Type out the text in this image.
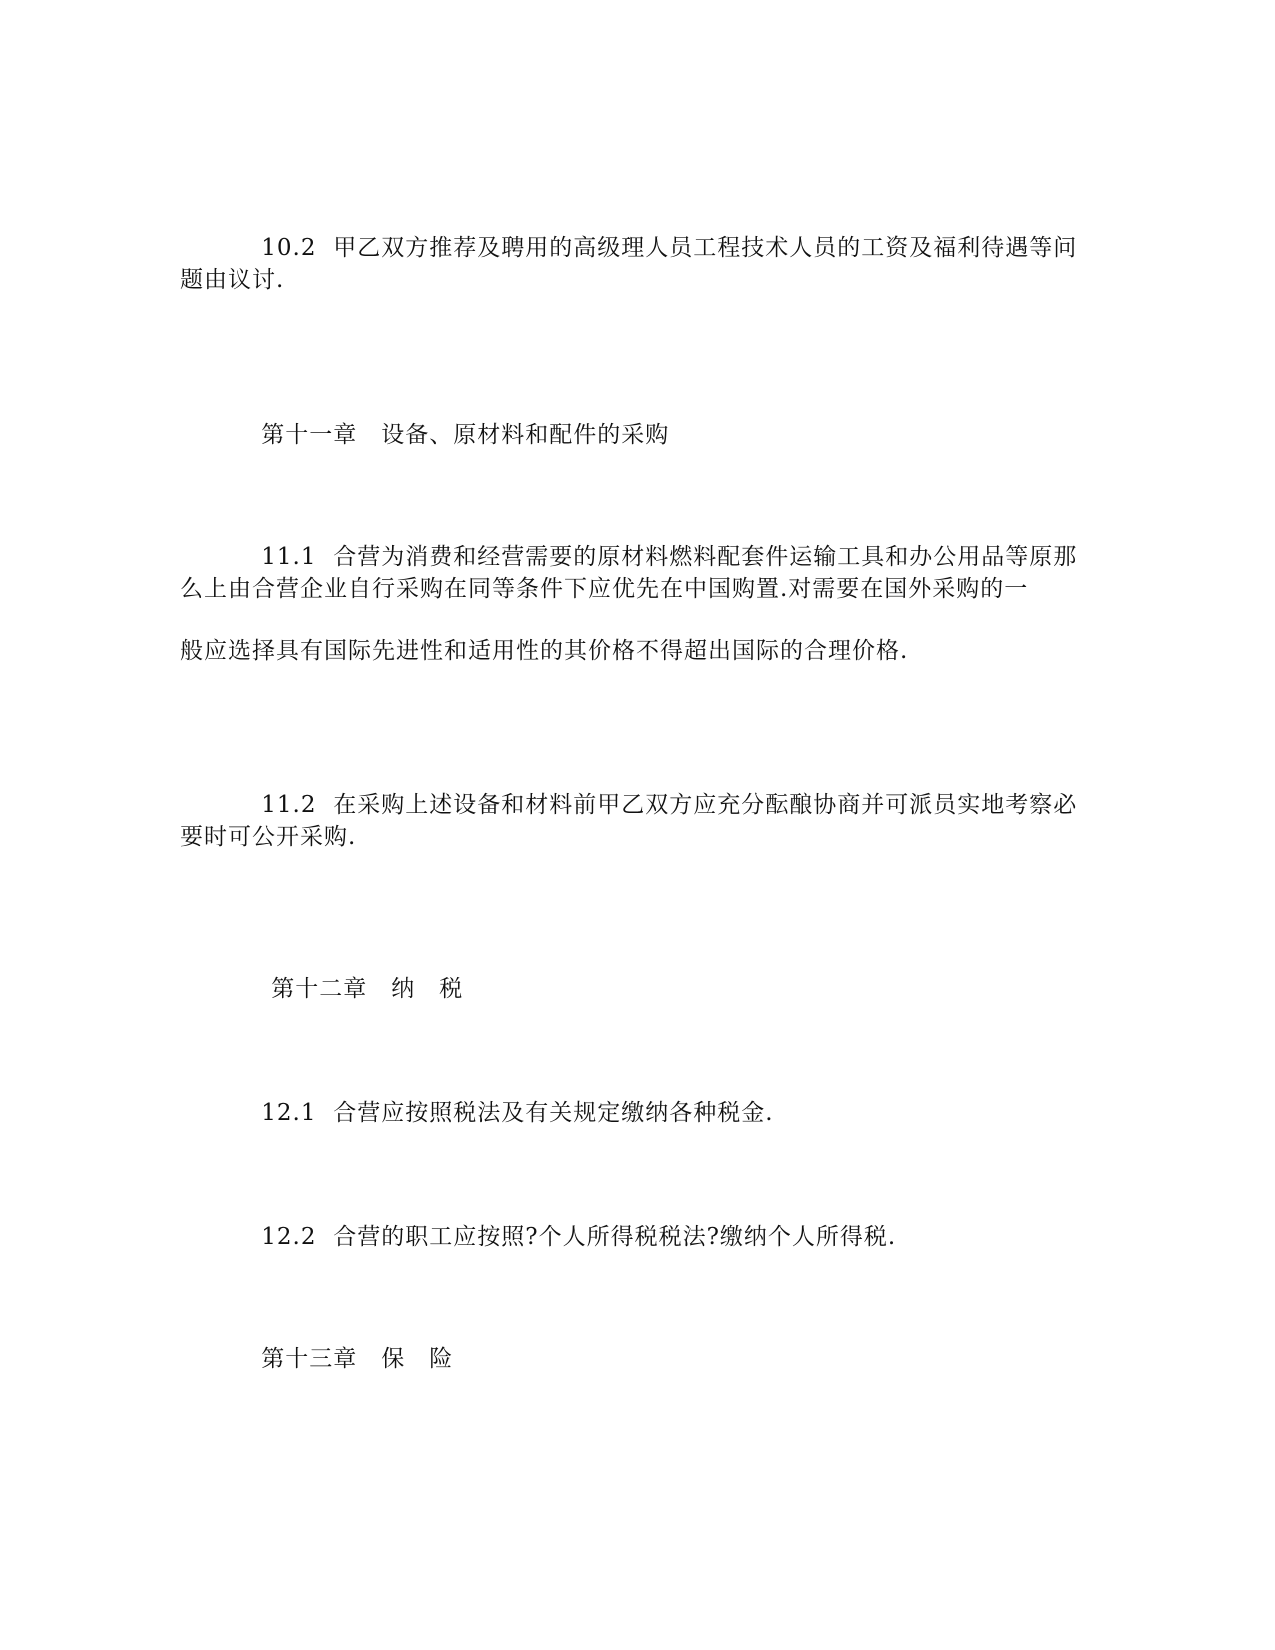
10.2 甲乙双方推荐及聘用的高级理人员工程技术人员的工资及福利待遇等问

题由议讨.

第十一章 设备、原材料和配件的采购

11.1 合营为消费和经营需要的原材料燃料配套件运输工具和办公用品等原那

么上由合营企业自行采购在同等条件下应优先在中国购置.对需要在国外采购的一
般应选择具有国际先进性和适用性的其价格不得超出国际的合理价格.

11.2 在采购上述设备和材料前甲乙双方应充分酝酿协商并可派员实地考察必

要时可公开采购.

第十二章 纳　税

12.1 合营应按照税法及有关规定缴纳各种税金.

12.2 合营的职工应按照?个人所得税税法?缴纳个人所得税.

第十三章 保　险
